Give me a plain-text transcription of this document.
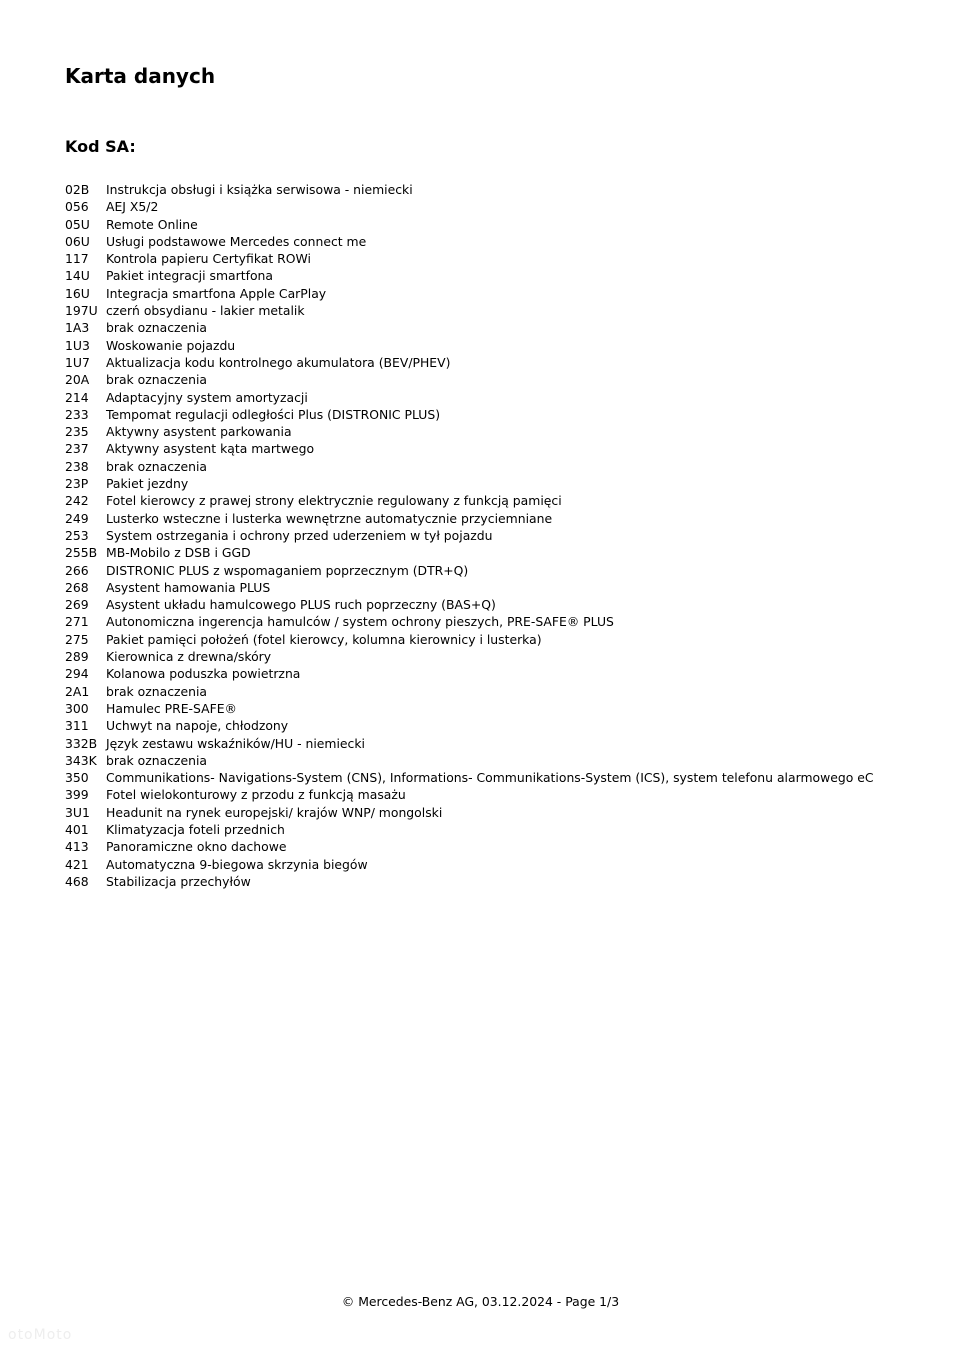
Karta danych
Kod SA:
02B	Instrukcja obsługi i książka serwisowa - niemiecki
056	AEJ X5/2
05U	Remote Online
06U	Usługi podstawowe Mercedes connect me
117	Kontrola papieru Certyfikat ROWi
14U	Pakiet integracji smartfona
16U	Integracja smartfona Apple CarPlay
197U czerń obsydianu - lakier metalik
1A3	brak oznaczenia
1U3	Woskowanie pojazdu
1U7	Aktualizacja kodu kontrolnego akumulatora (BEV/PHEV)
20A	brak oznaczenia
214	Adaptacyjny system amortyzacji
233	Tempomat regulacji odległości Plus (DISTRONIC PLUS)
235	Aktywny asystent parkowania
237	Aktywny asystent kąta martwego
238	brak oznaczenia
23P	Pakiet jezdny
242	Fotel kierowcy z prawej strony elektrycznie regulowany z funkcją pamięci
249	Lusterko wsteczne i lusterka wewnętrzne automatycznie przyciemniane
253	System ostrzegania i ochrony przed uderzeniem w tył pojazdu
255B MB-Mobilo z DSB i GGD
266	DISTRONIC PLUS z wspomaganiem poprzecznym (DTR+Q)
268	Asystent hamowania PLUS
269	Asystent układu hamulcowego PLUS ruch poprzeczny (BAS+Q)
271	Autonomiczna ingerencja hamulców / system ochrony pieszych, PRE-SAFE® PLUS
275	Pakiet pamięci położeń (fotel kierowcy, kolumna kierownicy i lusterka)
289	Kierownica z drewna/skóry
294	Kolanowa poduszka powietrzna
2A1	brak oznaczenia
300	Hamulec PRE-SAFE®
311	Uchwyt na napoje, chłodzony
332B Język zestawu wskaźników/HU - niemiecki
343K brak oznaczenia
350	Communikations- Navigations-System (CNS), Informations- Communikations-System (ICS), system telefonu alarmowego eC
399	Fotel wielokonturowy z przodu z funkcją masażu
3U1	Headunit na rynek europejski/ krajów WNP/ mongolski
401	Klimatyzacja foteli przednich
413	Panoramiczne okno dachowe
421	Automatyczna 9-biegowa skrzynia biegów
468	Stabilizacja przechyłów
© Mercedes-Benz AG, 03.12.2024 - Page 1/3
otoMoto
